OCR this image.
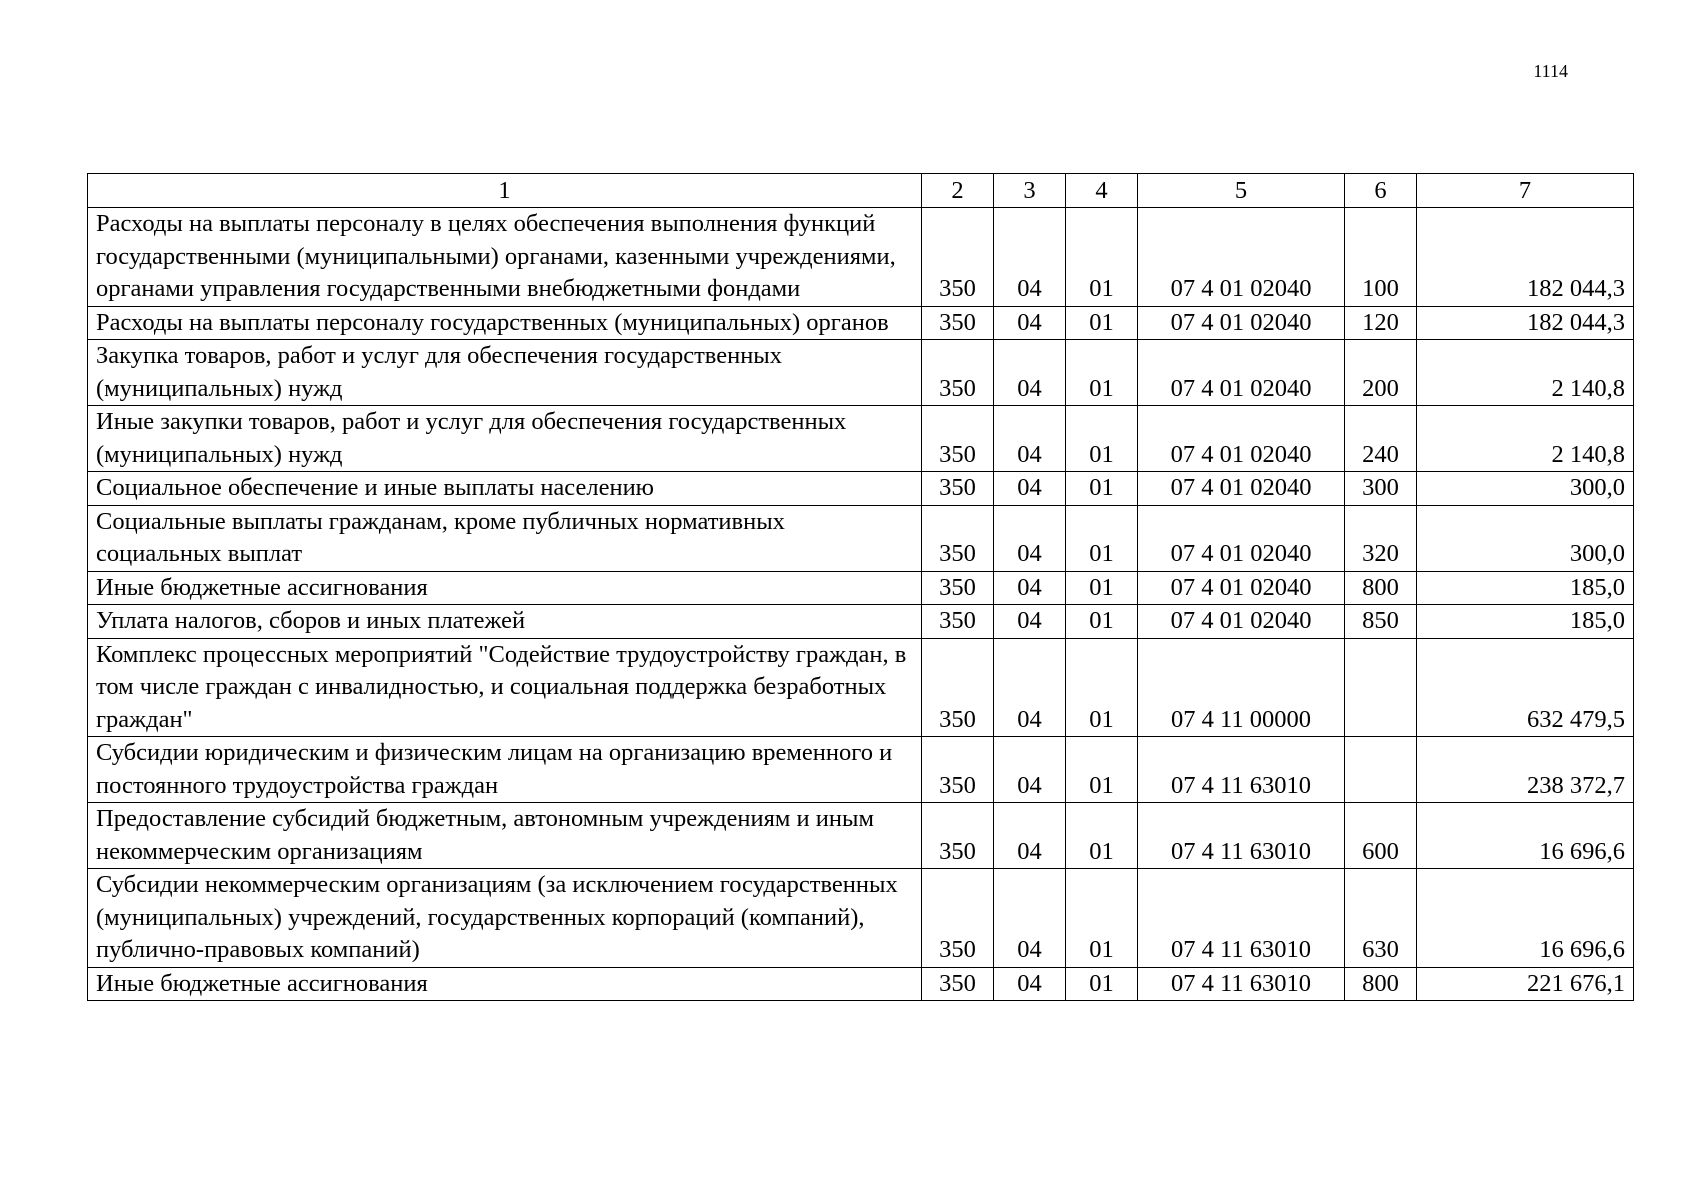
1114
1	2	3	4	5	6	7
Расходы на выплаты персоналу в целях обеспечения выполнения функций государственными (муниципальными) органами, казенными учреждениями, органами управления государственными внебюджетными фондами	350	04	01	07 4 01 02040	100	182 044,3
Расходы на выплаты персоналу государственных (муниципальных) органов	350	04	01	07 4 01 02040	120	182 044,3
Закупка товаров, работ и услуг для обеспечения государственных (муниципальных) нужд	350	04	01	07 4 01 02040	200	2 140,8
Иные закупки товаров, работ и услуг для обеспечения государственных (муниципальных) нужд	350	04	01	07 4 01 02040	240	2 140,8
Социальное обеспечение и иные выплаты населению	350	04	01	07 4 01 02040	300	300,0
Социальные выплаты гражданам, кроме публичных нормативных социальных выплат	350	04	01	07 4 01 02040	320	300,0
Иные бюджетные ассигнования	350	04	01	07 4 01 02040	800	185,0
Уплата налогов, сборов и иных платежей	350	04	01	07 4 01 02040	850	185,0
Комплекс процессных мероприятий "Содействие трудоустройству граждан, в том числе граждан с инвалидностью, и социальная поддержка безработных граждан"	350	04	01	07 4 11 00000		632 479,5
Субсидии юридическим и физическим лицам на организацию временного и постоянного трудоустройства граждан	350	04	01	07 4 11 63010		238 372,7
Предоставление субсидий бюджетным, автономным учреждениям и иным некоммерческим организациям	350	04	01	07 4 11 63010	600	16 696,6
Субсидии некоммерческим организациям (за исключением государственных (муниципальных) учреждений, государственных корпораций (компаний), публично-правовых компаний)	350	04	01	07 4 11 63010	630	16 696,6
Иные бюджетные ассигнования	350	04	01	07 4 11 63010	800	221 676,1
